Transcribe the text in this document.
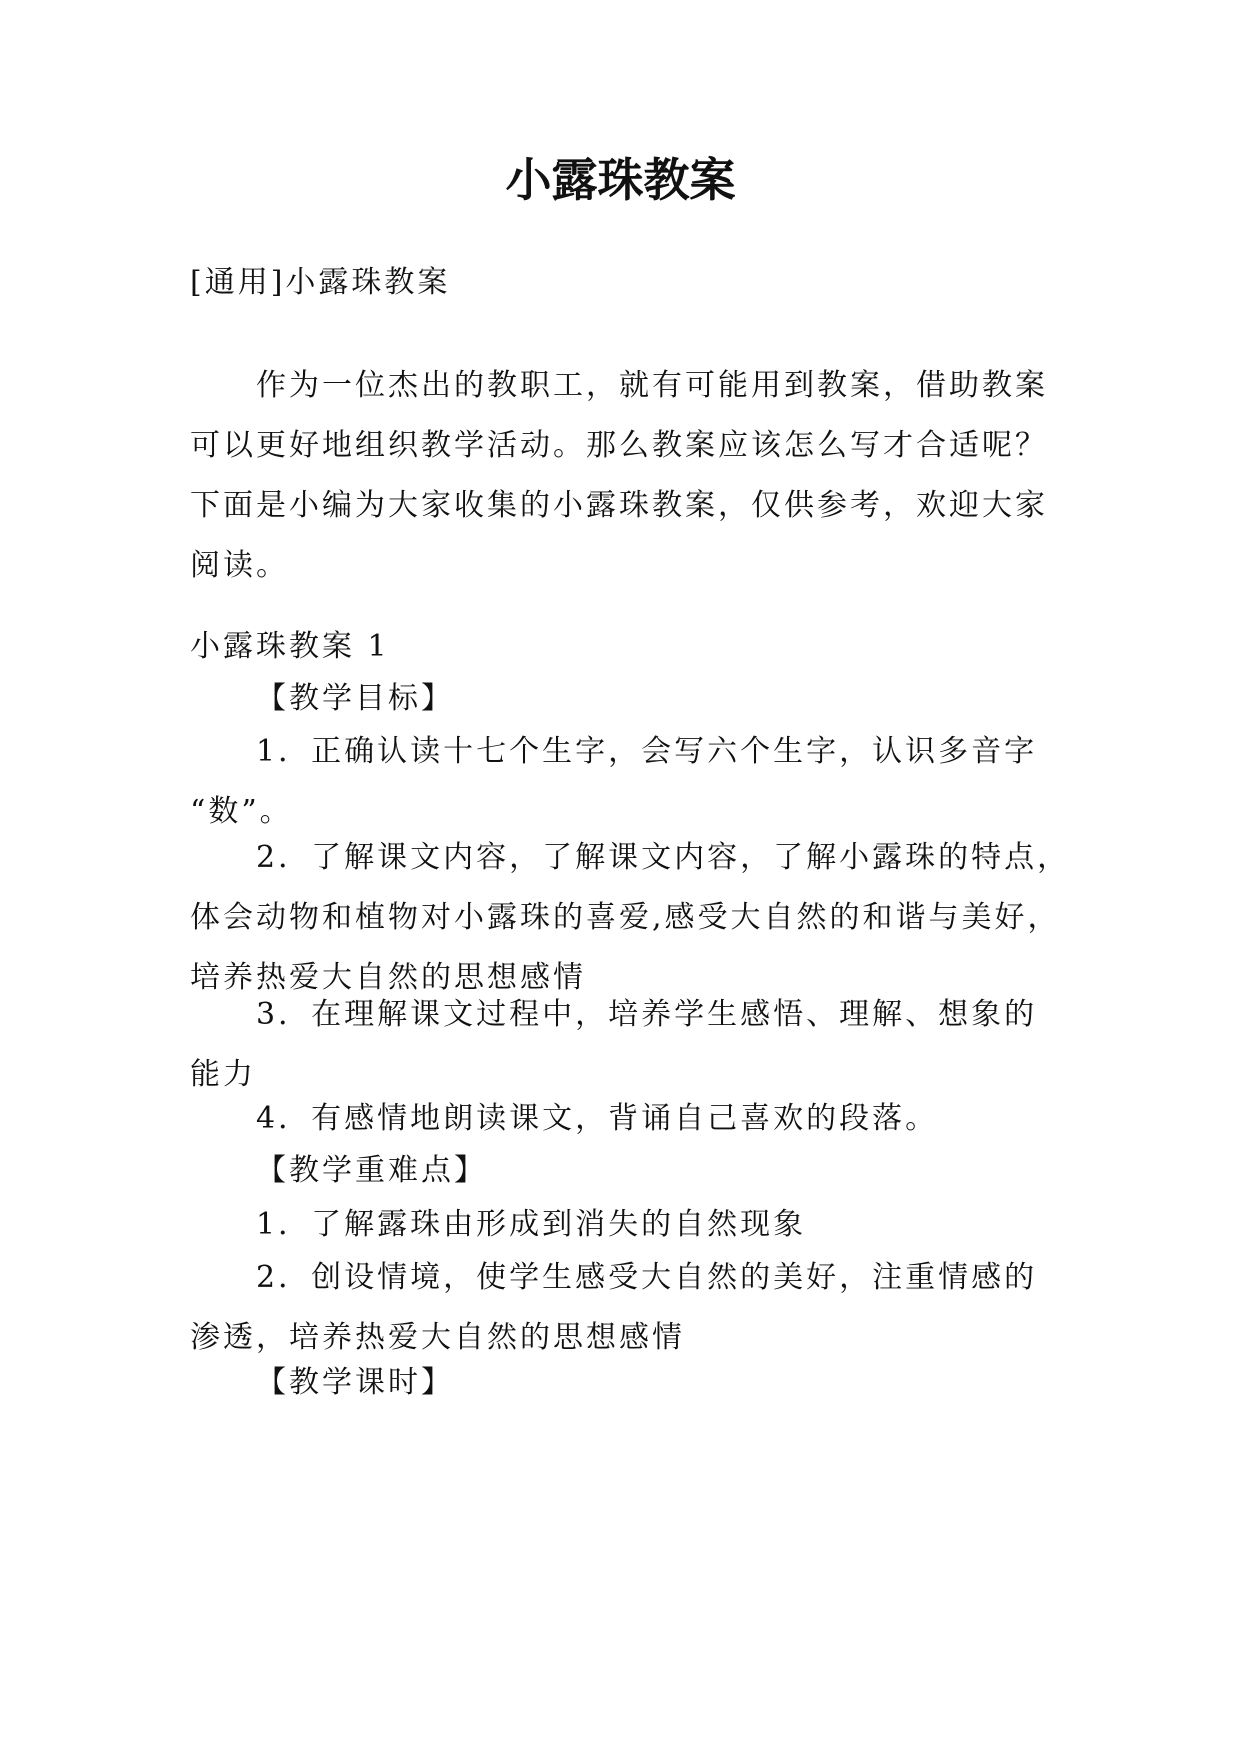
小露珠教案
[通用]小露珠教案
作为一位杰出的教职工，就有可能用到教案，借助教案
可以更好地组织教学活动。那么教案应该怎么写才合适呢？
下面是小编为大家收集的小露珠教案，仅供参考，欢迎大家
阅读。
小露珠教案 1
【教学目标】
1．正确认读十七个生字，会写六个生字，认识多音字
“数”。
2．了解课文内容，了解课文内容，了解小露珠的特点，
体会动物和植物对小露珠的喜爱,感受大自然的和谐与美好，
培养热爱大自然的思想感情
3．在理解课文过程中，培养学生感悟、理解、想象的
能力
4．有感情地朗读课文，背诵自己喜欢的段落。
【教学重难点】
1．了解露珠由形成到消失的自然现象
2．创设情境，使学生感受大自然的美好，注重情感的
渗透，培养热爱大自然的思想感情
【教学课时】
